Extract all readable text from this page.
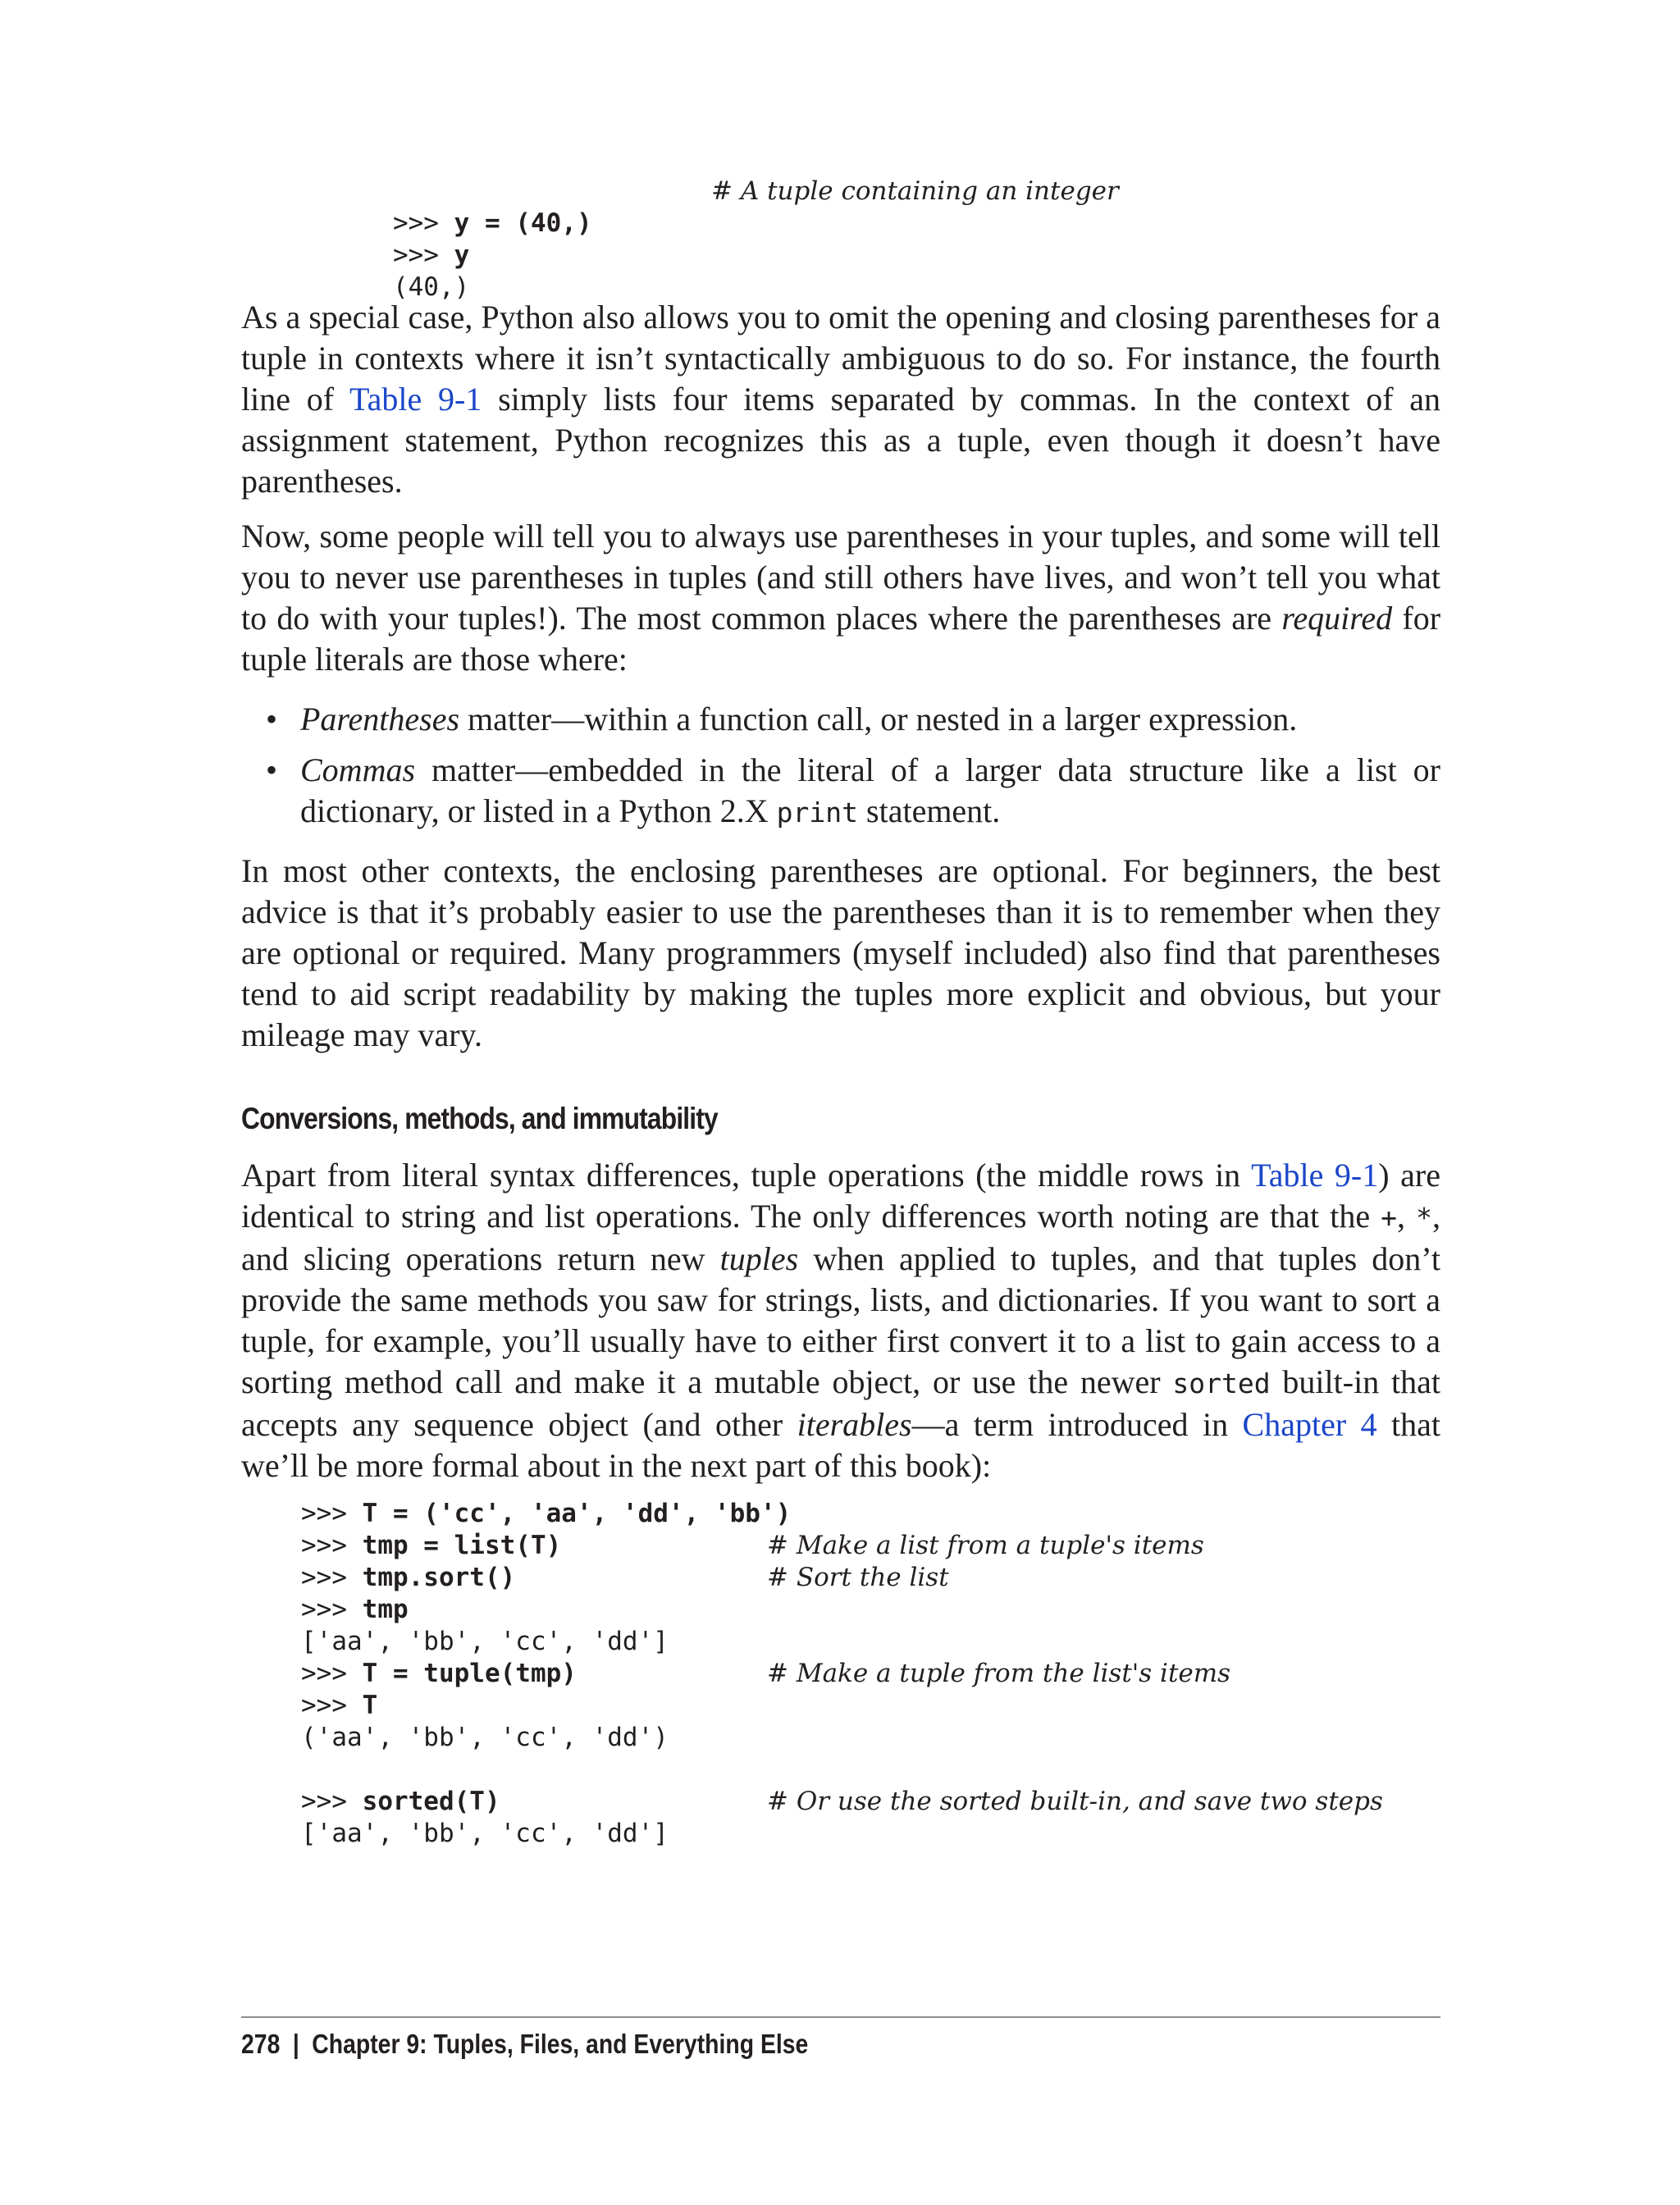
>>> y = (40,)
# A tuple containing an integer

>>> y

(40,)

As a special case, Python also allows you to omit the opening and closing parentheses for a tuple in contexts where it isn’t syntactically ambiguous to do so. For instance, the fourth line of Table 9-1 simply lists four items separated by commas. In the context of an assignment statement, Python recognizes this as a tuple, even though it doesn’t have parentheses.

Now, some people will tell you to always use parentheses in your tuples, and some will tell you to never use parentheses in tuples (and still others have lives, and won’t tell you what to do with your tuples!). The most common places where the parentheses are required for tuple literals are those where:

• Parentheses matter—within a function call, or nested in a larger expression.
• Commas matter—embedded in the literal of a larger data structure like a list or dictionary, or listed in a Python 2.X print statement.

In most other contexts, the enclosing parentheses are optional. For beginners, the best advice is that it’s probably easier to use the parentheses than it is to remember when they are optional or required. Many programmers (myself included) also find that parentheses tend to aid script readability by making the tuples more explicit and obvious, but your mileage may vary.

Conversions, methods, and immutability

Apart from literal syntax differences, tuple operations (the middle rows in Table 9-1) are identical to string and list operations. The only differences worth noting are that the +, *, and slicing operations return new tuples when applied to tuples, and that tuples don’t provide the same methods you saw for strings, lists, and dictionaries. If you want to sort a tuple, for example, you’ll usually have to either first convert it to a list to gain access to a sorting method call and make it a mutable object, or use the newer sorted built-in that accepts any sequence object (and other iterables—a term introduced in Chapter 4 that we’ll be more formal about in the next part of this book):

>>> T = ('cc', 'aa', 'dd', 'bb')
>>> tmp = list(T)	# Make a list from a tuple's items
>>> tmp.sort()	# Sort the list
>>> tmp
['aa', 'bb', 'cc', 'dd']
>>> T = tuple(tmp)	# Make a tuple from the list's items
>>> T
('aa', 'bb', 'cc', 'dd')
>>> sorted(T)	# Or use the sorted built-in, and save two steps
['aa', 'bb', 'cc', 'dd']
278 | Chapter 9: Tuples, Files, and Everything Else
